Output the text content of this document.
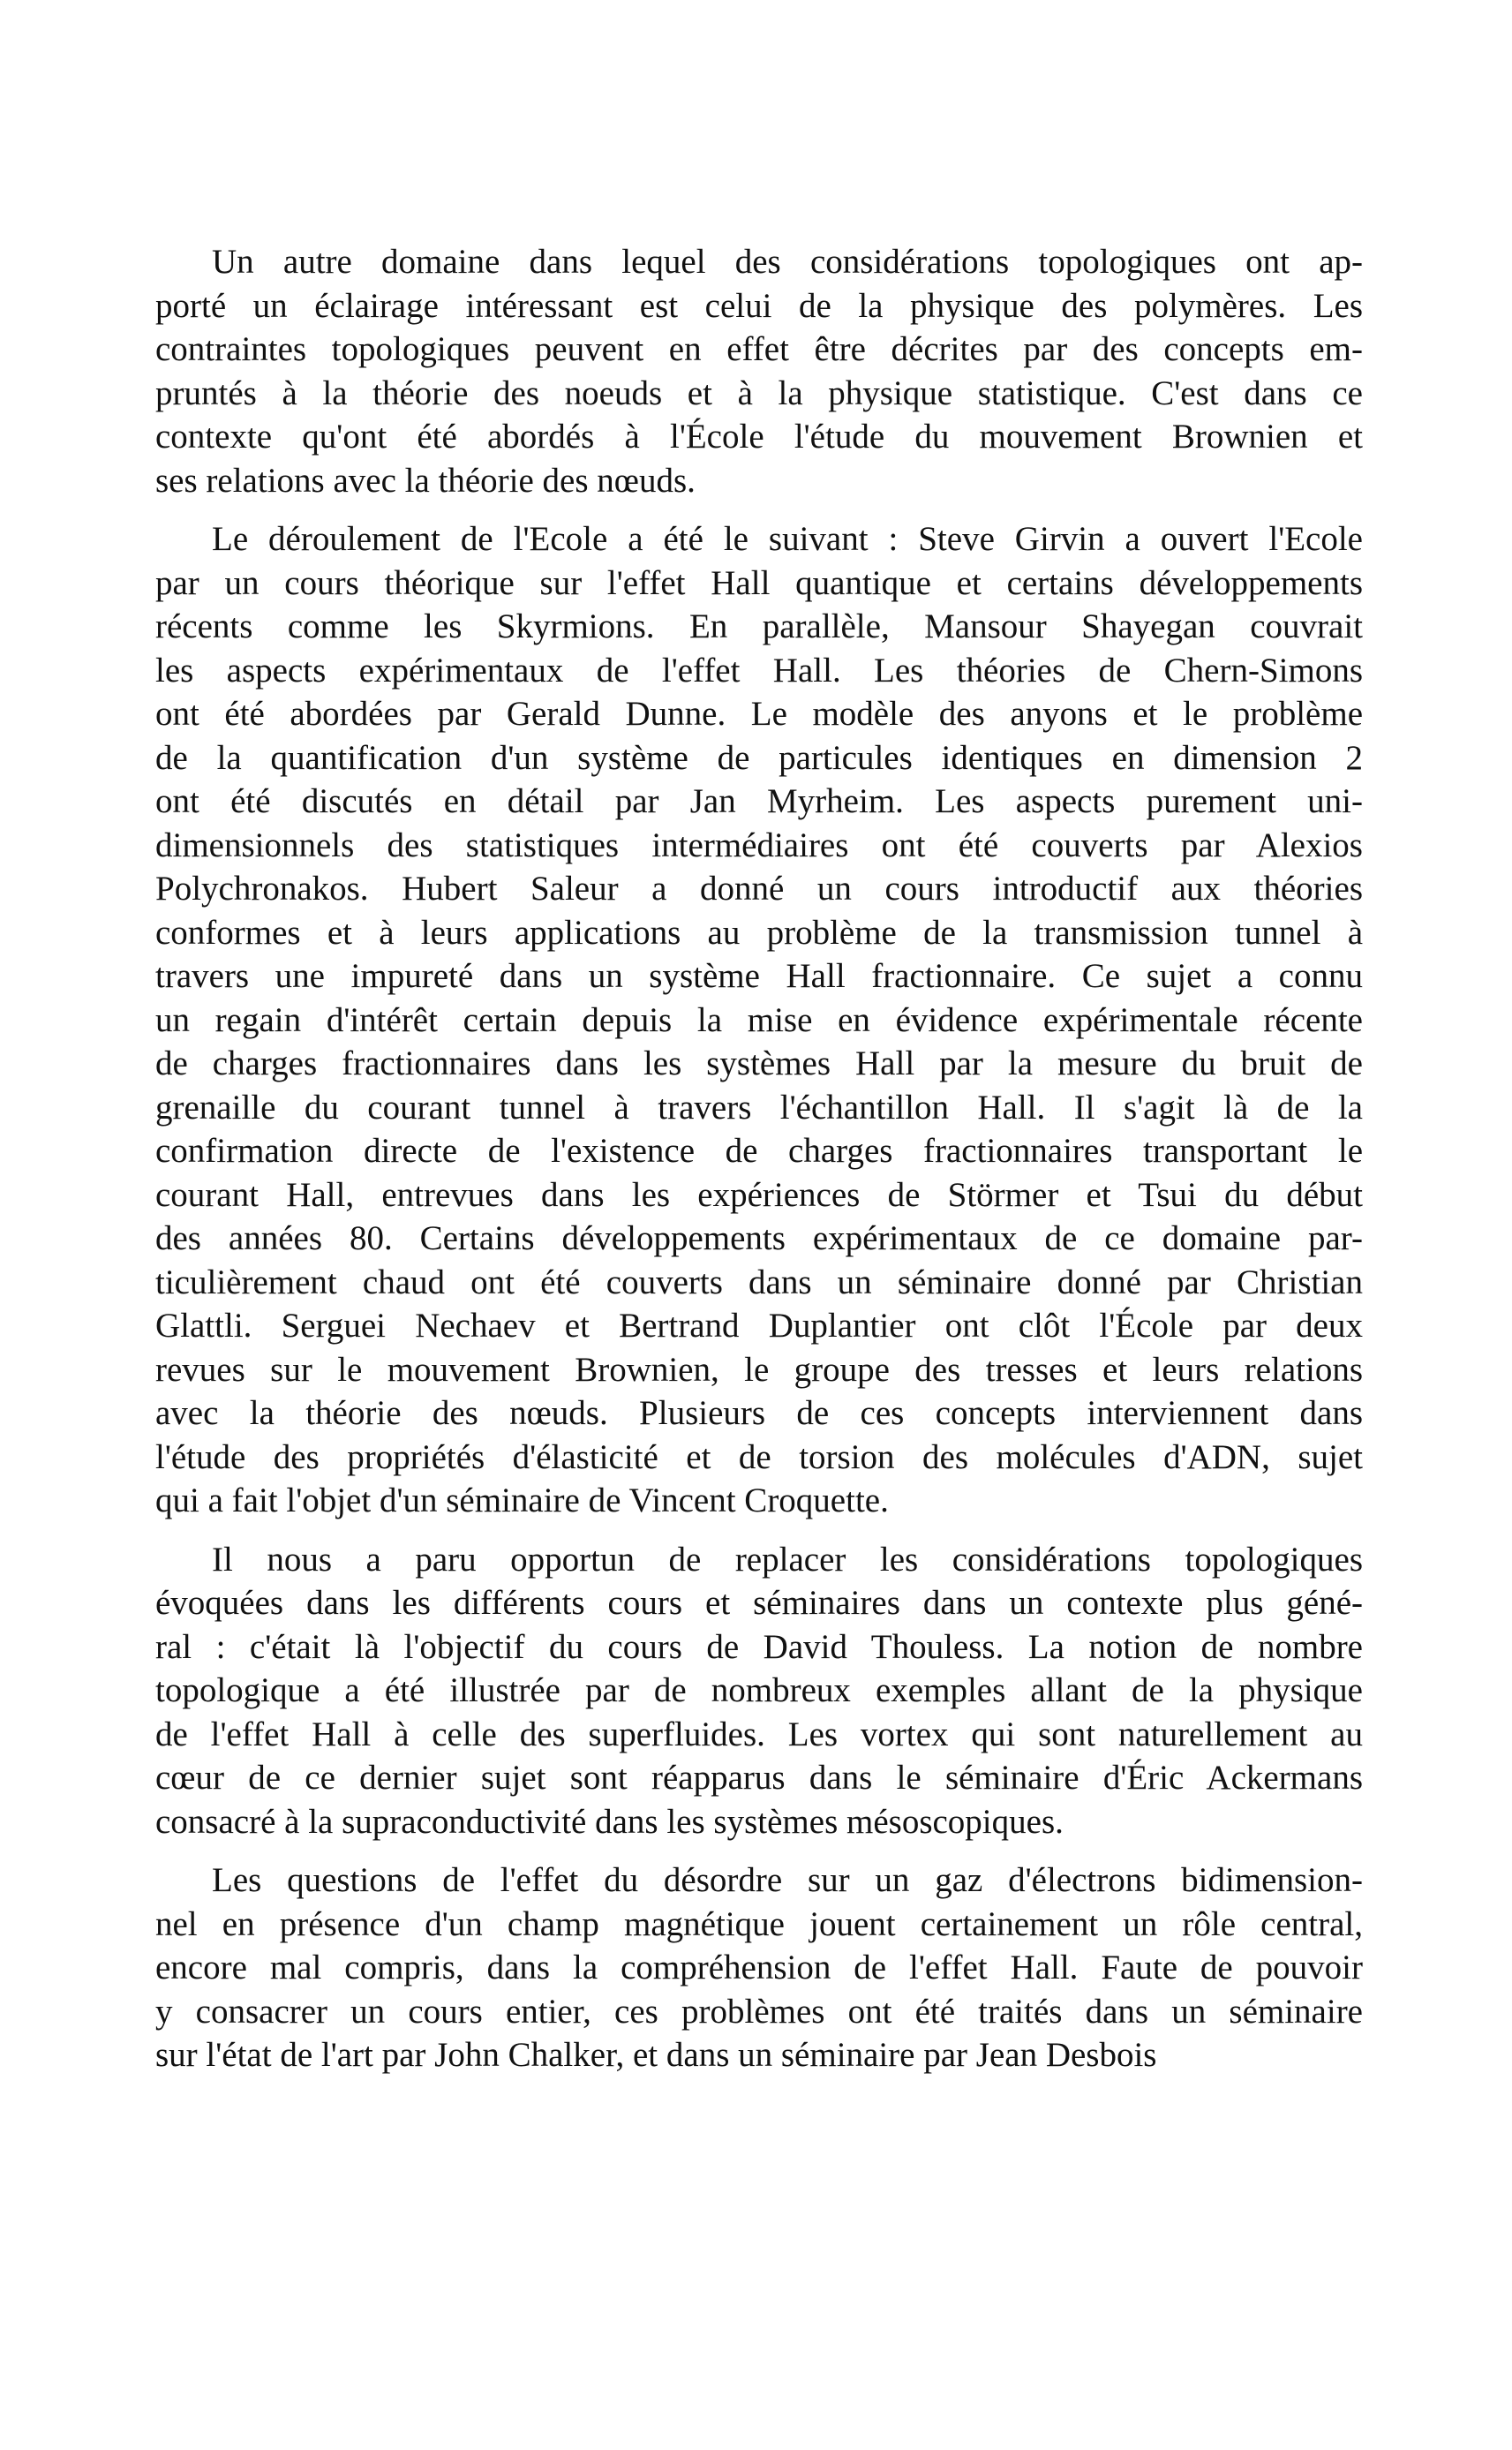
Un autre domaine dans lequel des considérations topologiques ont ap-
porté un éclairage intéressant est celui de la physique des polymères. Les
contraintes topologiques peuvent en effet être décrites par des concepts em-
pruntés à la théorie des noeuds et à la physique statistique. C'est dans ce
contexte qu'ont été abordés à l'École l'étude du mouvement Brownien et
ses relations avec la théorie des nœuds.

Le déroulement de l'Ecole a été le suivant : Steve Girvin a ouvert l'Ecole
par un cours théorique sur l'effet Hall quantique et certains développements
récents comme les Skyrmions. En parallèle, Mansour Shayegan couvrait
les aspects expérimentaux de l'effet Hall. Les théories de Chern-Simons
ont été abordées par Gerald Dunne. Le modèle des anyons et le problème
de la quantification d'un système de particules identiques en dimension 2
ont été discutés en détail par Jan Myrheim. Les aspects purement uni-
dimensionnels des statistiques intermédiaires ont été couverts par Alexios
Polychronakos. Hubert Saleur a donné un cours introductif aux théories
conformes et à leurs applications au problème de la transmission tunnel à
travers une impureté dans un système Hall fractionnaire. Ce sujet a connu
un regain d'intérêt certain depuis la mise en évidence expérimentale récente
de charges fractionnaires dans les systèmes Hall par la mesure du bruit de
grenaille du courant tunnel à travers l'échantillon Hall. Il s'agit là de la
confirmation directe de l'existence de charges fractionnaires transportant le
courant Hall, entrevues dans les expériences de Störmer et Tsui du début
des années 80. Certains développements expérimentaux de ce domaine par-
ticulièrement chaud ont été couverts dans un séminaire donné par Christian
Glattli. Serguei Nechaev et Bertrand Duplantier ont clôt l'École par deux
revues sur le mouvement Brownien, le groupe des tresses et leurs relations
avec la théorie des nœuds. Plusieurs de ces concepts interviennent dans
l'étude des propriétés d'élasticité et de torsion des molécules d'ADN, sujet
qui a fait l'objet d'un séminaire de Vincent Croquette.

Il nous a paru opportun de replacer les considérations topologiques
évoquées dans les différents cours et séminaires dans un contexte plus géné-
ral : c'était là l'objectif du cours de David Thouless. La notion de nombre
topologique a été illustrée par de nombreux exemples allant de la physique
de l'effet Hall à celle des superfluides. Les vortex qui sont naturellement au
cœur de ce dernier sujet sont réapparus dans le séminaire d'Éric Ackermans
consacré à la supraconductivité dans les systèmes mésoscopiques.

Les questions de l'effet du désordre sur un gaz d'électrons bidimension-
nel en présence d'un champ magnétique jouent certainement un rôle central,
encore mal compris, dans la compréhension de l'effet Hall. Faute de pouvoir
y consacrer un cours entier, ces problèmes ont été traités dans un séminaire
sur l'état de l'art par John Chalker, et dans un séminaire par Jean Desbois
